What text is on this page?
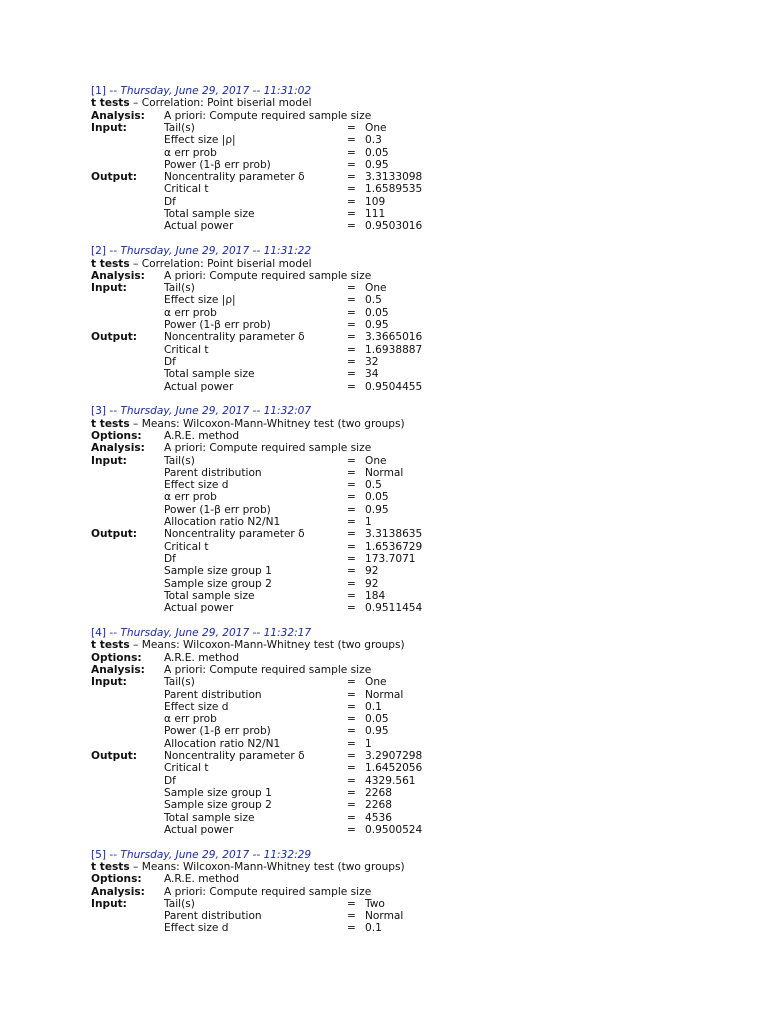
[1] -- Thursday, June 29, 2017 -- 11:31:02
t tests – Correlation: Point biserial model
Analysis: A priori: Compute required sample size
Input:	Tail(s)	= One
Effect size |ρ|	= 0.3
α err prob	= 0.05
Power (1-β err prob)	= 0.95
Output:	Noncentrality parameter δ	= 3.3133098
Critical t	= 1.6589535
Df	= 109
Total sample size	= 111
Actual power	= 0.9503016
[2] -- Thursday, June 29, 2017 -- 11:31:22
t tests – Correlation: Point biserial model
Analysis: A priori: Compute required sample size
Input:	Tail(s)	= One
Effect size |ρ|	= 0.5
α err prob	= 0.05
Power (1-β err prob)	= 0.95
Output:	Noncentrality parameter δ	= 3.3665016
Critical t	= 1.6938887
Df	= 32
Total sample size	= 34
Actual power	= 0.9504455
[3] -- Thursday, June 29, 2017 -- 11:32:07
t tests – Means: Wilcoxon-Mann-Whitney test (two groups)
Options: A.R.E. method
Analysis: A priori: Compute required sample size
Input:	Tail(s)	= One
Parent distribution	= Normal
Effect size d	= 0.5
α err prob	= 0.05
Power (1-β err prob)	= 0.95
Allocation ratio N2/N1	= 1
Output:	Noncentrality parameter δ	= 3.3138635
Critical t	= 1.6536729
Df	= 173.7071
Sample size group 1	= 92
Sample size group 2	= 92
Total sample size	= 184
Actual power	= 0.9511454
[4] -- Thursday, June 29, 2017 -- 11:32:17
t tests – Means: Wilcoxon-Mann-Whitney test (two groups)
Options: A.R.E. method
Analysis: A priori: Compute required sample size
Input:	Tail(s)	= One
Parent distribution	= Normal
Effect size d	= 0.1
α err prob	= 0.05
Power (1-β err prob)	= 0.95
Allocation ratio N2/N1	= 1
Output:	Noncentrality parameter δ	= 3.2907298
Critical t	= 1.6452056
Df	= 4329.561
Sample size group 1	= 2268
Sample size group 2	= 2268
Total sample size	= 4536
Actual power	= 0.9500524
[5] -- Thursday, June 29, 2017 -- 11:32:29
t tests – Means: Wilcoxon-Mann-Whitney test (two groups)
Options: A.R.E. method
Analysis: A priori: Compute required sample size
Input:	Tail(s)	= Two
Parent distribution	= Normal
Effect size d	= 0.1
